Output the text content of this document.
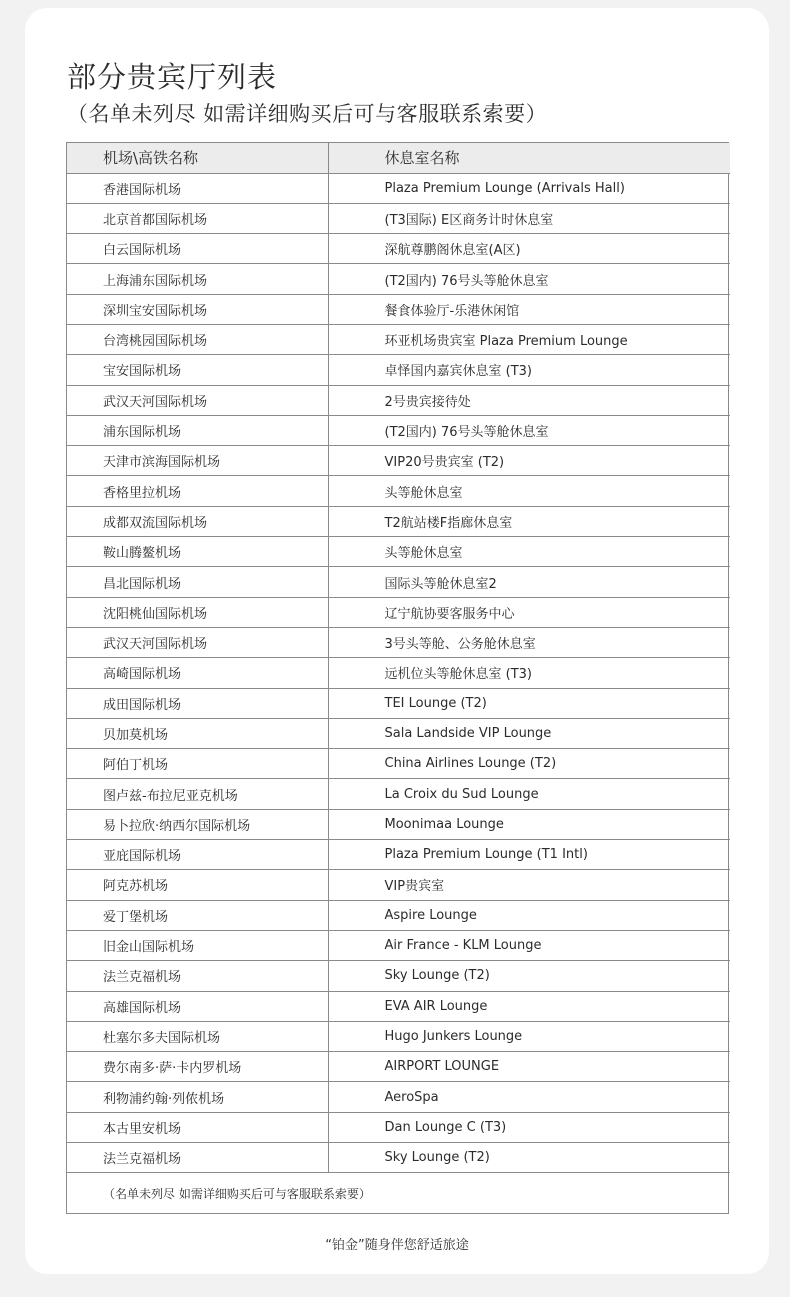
部分贵宾厅列表
（名单未列尽 如需详细购买后可与客服联系索要）
机场\高铁名称	休息室名称
香港国际机场	Plaza Premium Lounge (Arrivals Hall)
北京首都国际机场	(T3国际) E区商务计时休息室
白云国际机场	深航尊鹏阁休息室(A区)
上海浦东国际机场	(T2国内) 76号头等舱休息室
深圳宝安国际机场	餐食体验厅-乐港休闲馆
台湾桃园国际机场	环亚机场贵宾室 Plaza Premium Lounge
宝安国际机场	卓怿国内嘉宾休息室 (T3)
武汉天河国际机场	2号贵宾接待处
浦东国际机场	(T2国内) 76号头等舱休息室
天津市滨海国际机场	VIP20号贵宾室 (T2)
香格里拉机场	头等舱休息室
成都双流国际机场	T2航站楼F指廊休息室
鞍山腾鳌机场	头等舱休息室
昌北国际机场	国际头等舱休息室2
沈阳桃仙国际机场	辽宁航协要客服务中心
武汉天河国际机场	3号头等舱、公务舱休息室
高崎国际机场	远机位头等舱休息室 (T3)
成田国际机场	TEI Lounge (T2)
贝加莫机场	Sala Landside VIP Lounge
阿伯丁机场	China Airlines Lounge (T2)
图卢兹-布拉尼亚克机场	La Croix du Sud Lounge
易卜拉欣·纳西尔国际机场	Moonimaa Lounge
亚庇国际机场	Plaza Premium Lounge (T1 Intl)
阿克苏机场	VIP贵宾室
爱丁堡机场	Aspire Lounge
旧金山国际机场	Air France - KLM Lounge
法兰克福机场	Sky Lounge (T2)
高雄国际机场	EVA AIR Lounge
杜塞尔多夫国际机场	Hugo Junkers Lounge
费尔南多·萨·卡内罗机场	AIRPORT LOUNGE
利物浦约翰·列侬机场	AeroSpa
本古里安机场	Dan Lounge C (T3)
法兰克福机场	Sky Lounge (T2)
（名单未列尽 如需详细购买后可与客服联系索要）	
“铂金”随身伴您舒适旅途
